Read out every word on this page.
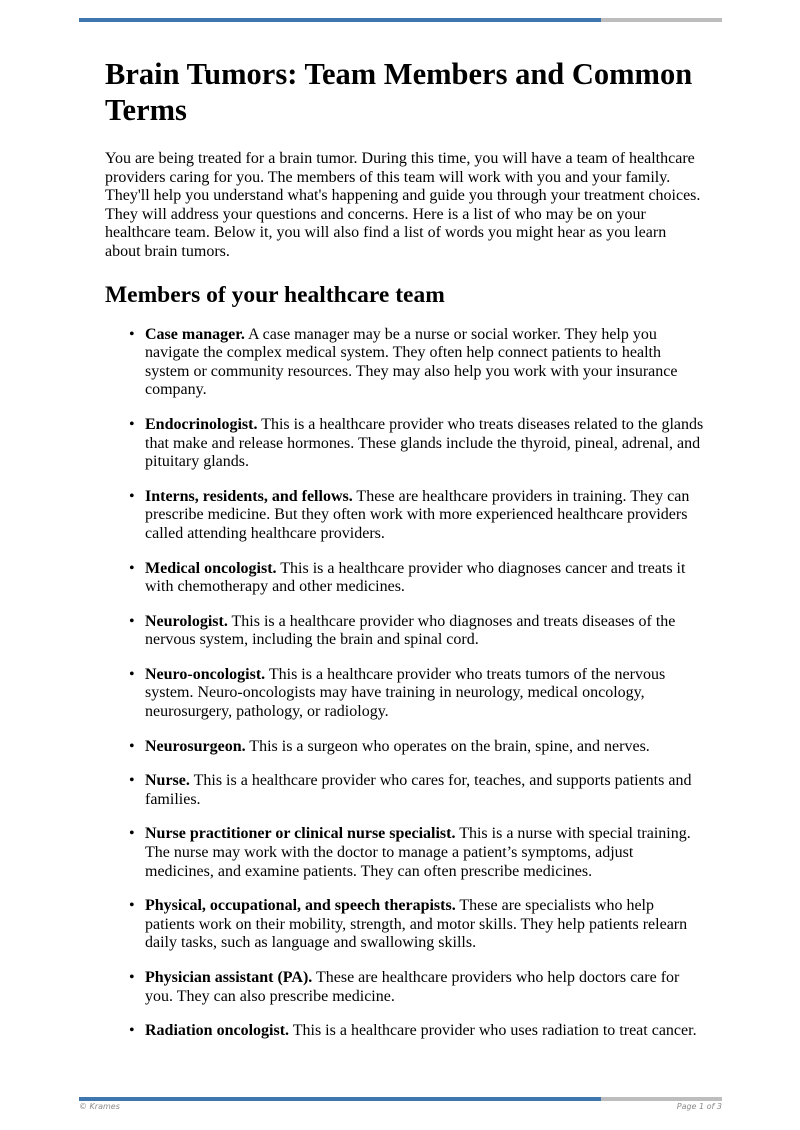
Brain Tumors: Team Members and Common Terms

You are being treated for a brain tumor. During this time, you will have a team of healthcare providers caring for you. The members of this team will work with you and your family. They'll help you understand what's happening and guide you through your treatment choices. They will address your questions and concerns. Here is a list of who may be on your healthcare team. Below it, you will also find a list of words you might hear as you learn about brain tumors.

Members of your healthcare team
• Case manager. A case manager may be a nurse or social worker. They help you navigate the complex medical system. They often help connect patients to health system or community resources. They may also help you work with your insurance company.
• Endocrinologist. This is a healthcare provider who treats diseases related to the glands that make and release hormones. These glands include the thyroid, pineal, adrenal, and pituitary glands.
• Interns, residents, and fellows. These are healthcare providers in training. They can prescribe medicine. But they often work with more experienced healthcare providers called attending healthcare providers.
• Medical oncologist. This is a healthcare provider who diagnoses cancer and treats it with chemotherapy and other medicines.
• Neurologist. This is a healthcare provider who diagnoses and treats diseases of the nervous system, including the brain and spinal cord.
• Neuro-oncologist. This is a healthcare provider who treats tumors of the nervous system. Neuro-oncologists may have training in neurology, medical oncology, neurosurgery, pathology, or radiology.
• Neurosurgeon. This is a surgeon who operates on the brain, spine, and nerves.
• Nurse. This is a healthcare provider who cares for, teaches, and supports patients and families.
• Nurse practitioner or clinical nurse specialist. This is a nurse with special training. The nurse may work with the doctor to manage a patient’s symptoms, adjust medicines, and examine patients. They can often prescribe medicines.
• Physical, occupational, and speech therapists. These are specialists who help patients work on their mobility, strength, and motor skills. They help patients relearn daily tasks, such as language and swallowing skills.
• Physician assistant (PA). These are healthcare providers who help doctors care for you. They can also prescribe medicine.
• Radiation oncologist. This is a healthcare provider who uses radiation to treat cancer.
© Krames	Page 1 of 3
